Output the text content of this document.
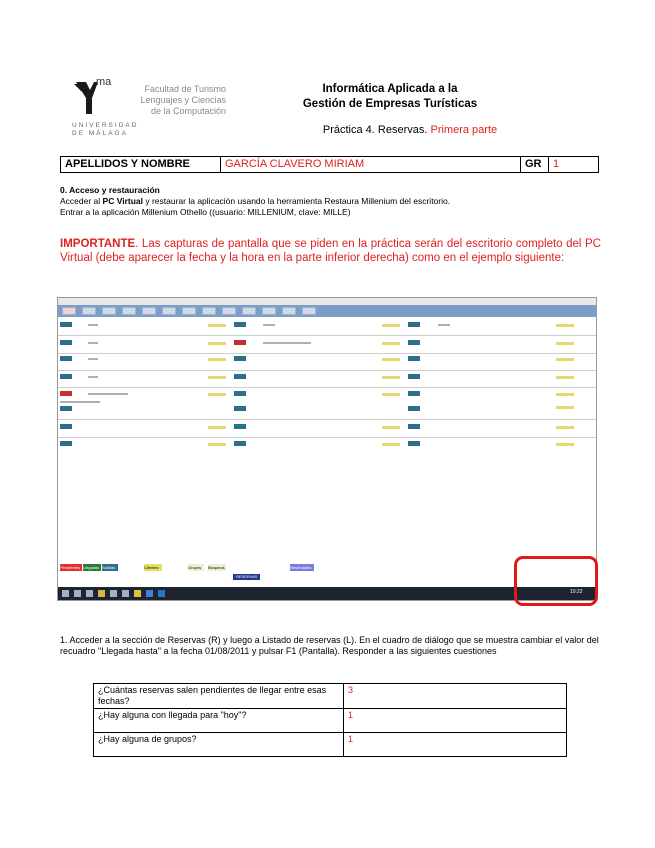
ma
Facultad de Turismo
Lenguajes y Ciencias
de la Computación
UNIVERSIDAD
DE MÁLAGA
Informática Aplicada a la
Gestión de Empresas Turísticas
Práctica 4. Reservas. Primera parte
APELLIDOS Y NOMBRE	GARCÍA CLAVERO MIRIAM	GR	1
0. Acceso y restauración
Acceder al PC Virtual y restaurar la aplicación usando la herramienta Restaura Millenium del escritorio.
Entrar a la aplicación Millenium Othello ((usuario: MILLENIUM, clave: MILLE)
IMPORTANTE. Las capturas de pantalla que se piden en la práctica serán del escritorio completo del PC Virtual (debe aparecer la fecha y la hora en la parte inferior derecha) como en el ejemplo siguiente:
Pendientes Llegadas Salidas	Clientes	Grupos	Bloqueos	Reservadas
RESERVAS
10:22
1. Acceder a la sección de Reservas (R) y luego a Listado de reservas (L). En el cuadro de diálogo que se muestra cambiar el valor del recuadro "Llegada hasta" a la fecha 01/08/2011 y pulsar F1 (Pantalla). Responder a las siguientes cuestiones
¿Cuántas reservas salen pendientes de llegar entre esas fechas?	3
¿Hay alguna con llegada para "hoy"?	1
¿Hay alguna de grupos?	1
